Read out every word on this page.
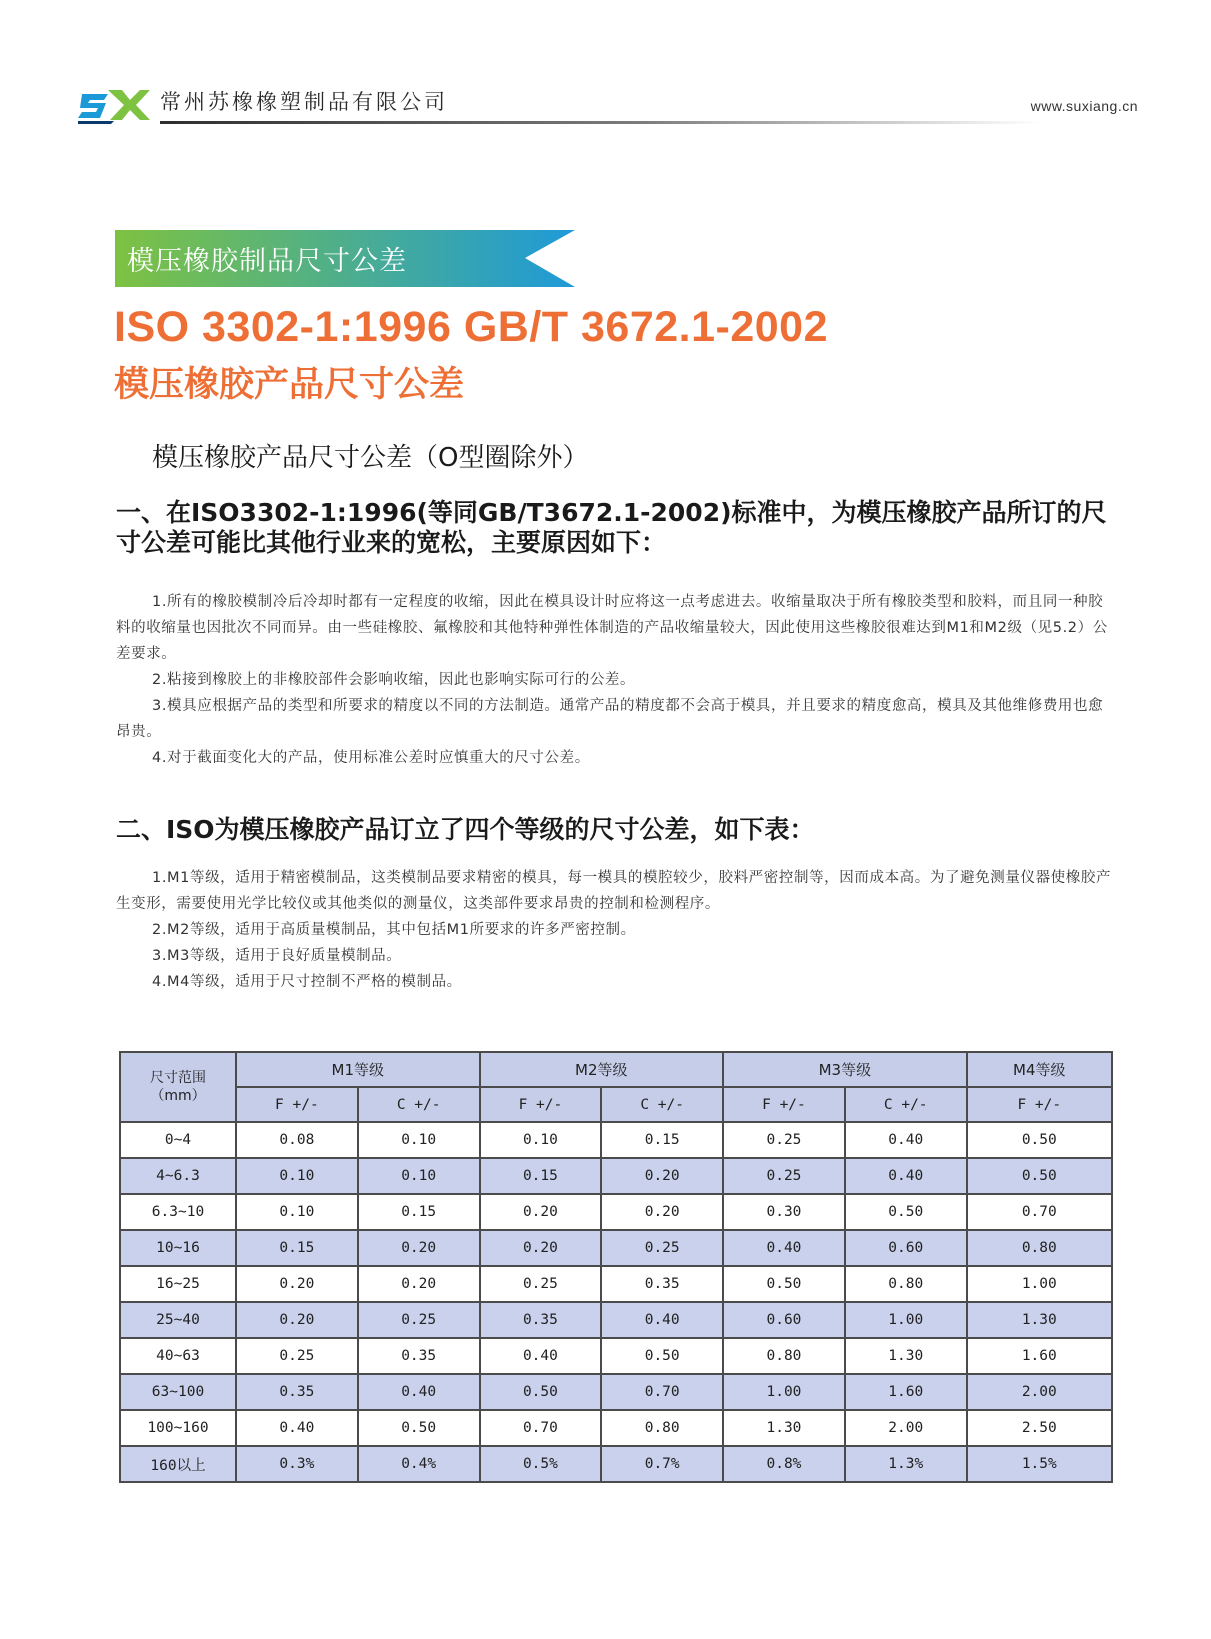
常州苏橡橡塑制品有限公司	www.suxiang.cn
模压橡胶制品尺寸公差
ISO 3302-1:1996 GB/T 3672.1-2002
模压橡胶产品尺寸公差
模压橡胶产品尺寸公差（O型圈除外）
一、在ISO3302-1:1996(等同GB/T3672.1-2002)标准中，为模压橡胶产品所订的尺寸公差可能比其他行业来的宽松，主要原因如下：

1.所有的橡胶模制冷后冷却时都有一定程度的收缩，因此在模具设计时应将这一点考虑进去。收缩量取决于所有橡胶类型和胶料，而且同一种胶料的收缩量也因批次不同而异。由一些硅橡胶、氟橡胶和其他特种弹性体制造的产品收缩量较大，因此使用这些橡胶很难达到M1和M2级（见5.2）公差要求。

2.粘接到橡胶上的非橡胶部件会影响收缩，因此也影响实际可行的公差。

3.模具应根据产品的类型和所要求的精度以不同的方法制造。通常产品的精度都不会高于模具，并且要求的精度愈高，模具及其他维修费用也愈昂贵。

4.对于截面变化大的产品，使用标准公差时应慎重大的尺寸公差。

二、ISO为模压橡胶产品订立了四个等级的尺寸公差，如下表：

1.M1等级，适用于精密模制品，这类模制品要求精密的模具，每一模具的模腔较少，胶料严密控制等，因而成本高。为了避免测量仪器使橡胶产生变形，需要使用光学比较仪或其他类似的测量仪，这类部件要求昂贵的控制和检测程序。

2.M2等级，适用于高质量模制品，其中包括M1所要求的许多严密控制。

3.M3等级，适用于良好质量模制品。

4.M4等级，适用于尺寸控制不严格的模制品。

尺寸范围
（mm）	M1等级		M2等级		M3等级		M4等级
	F +/-	C +/-	F +/-	C +/-	F +/-	C +/-	F +/-
0~4	0.08	0.10	0.10	0.15	0.25	0.40	0.50
4~6.3	0.10	0.10	0.15	0.20	0.25	0.40	0.50
6.3~10	0.10	0.15	0.20	0.20	0.30	0.50	0.70
10~16	0.15	0.20	0.20	0.25	0.40	0.60	0.80
16~25	0.20	0.20	0.25	0.35	0.50	0.80	1.00
25~40	0.20	0.25	0.35	0.40	0.60	1.00	1.30
40~63	0.25	0.35	0.40	0.50	0.80	1.30	1.60
63~100	0.35	0.40	0.50	0.70	1.00	1.60	2.00
100~160	0.40	0.50	0.70	0.80	1.30	2.00	2.50
160以上	0.3%	0.4%	0.5%	0.7%	0.8%	1.3%	1.5%
